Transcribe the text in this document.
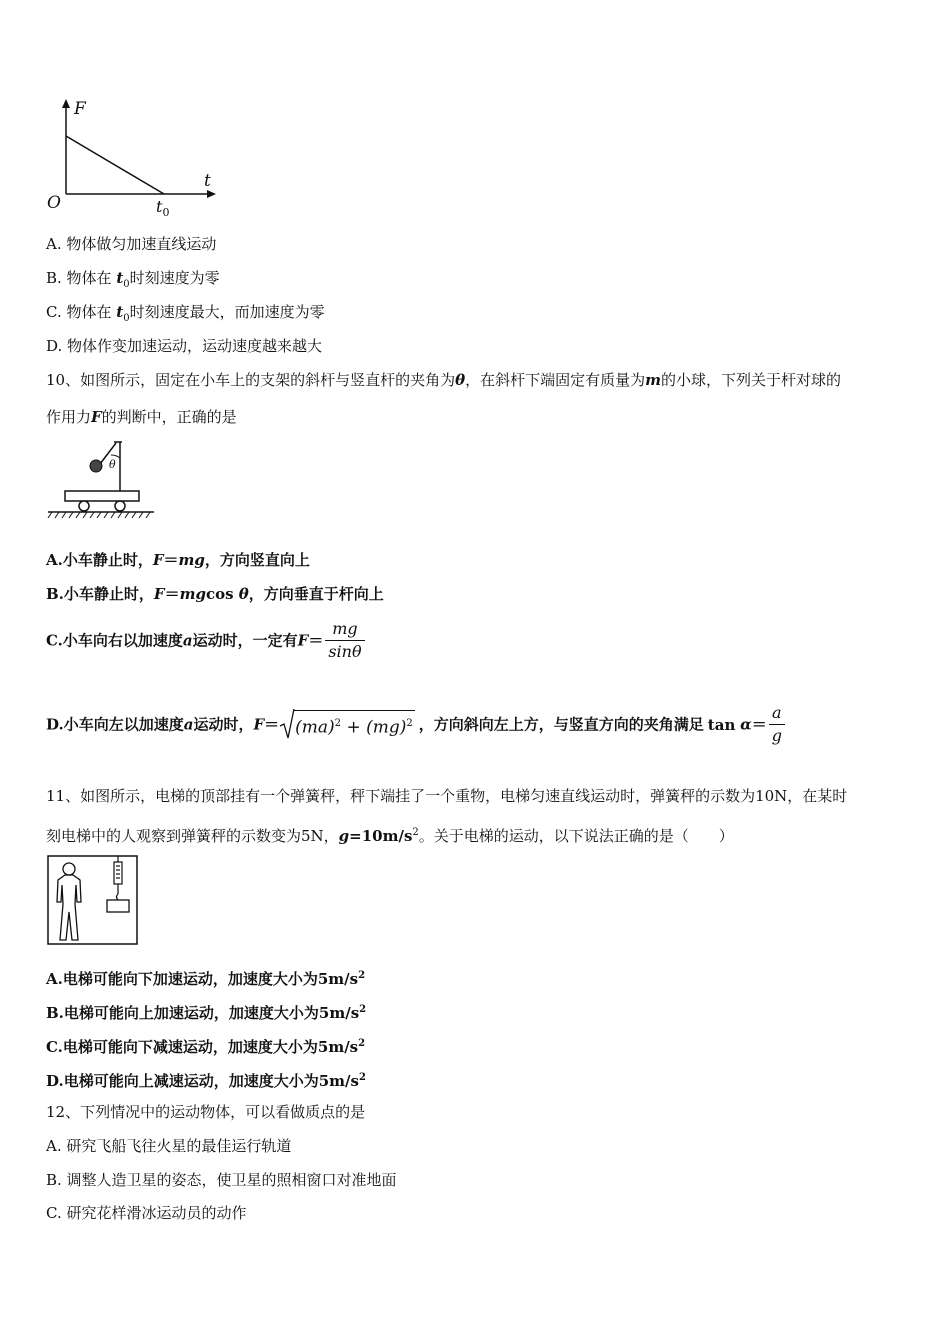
F
t
O	$t_0$
A. 物体做匀加速直线运动
B. 物体在 $t_0$时刻速度为零
C. 物体在 $t_0$时刻速度最大，而加速度为零
D. 物体作变加速运动，运动速度越来越大
10、如图所示，固定在小车上的支架的斜杆与竖直杆的夹角为θ，在斜杆下端固定有质量为m的小球，下列关于杆对球的
作用力F的判断中，正确的是
θ
A.小车静止时，F＝mg，方向竖直向上
B.小车静止时，F＝mgcos θ，方向垂直于杆向上
C.小车向右以加速度a运动时，一定有$F= \frac{mg}{\sin\theta}$
D.小车向左以加速度a运动时，F＝ (ma)$^2$ + (mg)$^2$ ，方向斜向左上方，与竖直方向的夹角满足 $\tan \alpha= \frac{a}{g}$
11、如图所示，电梯的顶部挂有一个弹簧秤，秤下端挂了一个重物，电梯匀速直线运动时，弹簧秤的示数为10N，在某时
刻电梯中的人观察到弹簧秤的示数变为5N，$g=10m/s^2$。关于电梯的运动，以下说法正确的是（　　）
A.电梯可能向下加速运动，加速度大小为$5m/s^2$
B.电梯可能向上加速运动，加速度大小为$5m/s^2$
C.电梯可能向下减速运动，加速度大小为$5m/s^2$
D.电梯可能向上减速运动，加速度大小为$5m/s^2$
12、下列情况中的运动物体，可以看做质点的是
A. 研究飞船飞往火星的最佳运行轨道
B. 调整人造卫星的姿态，使卫星的照相窗口对准地面
C. 研究花样滑冰运动员的动作
